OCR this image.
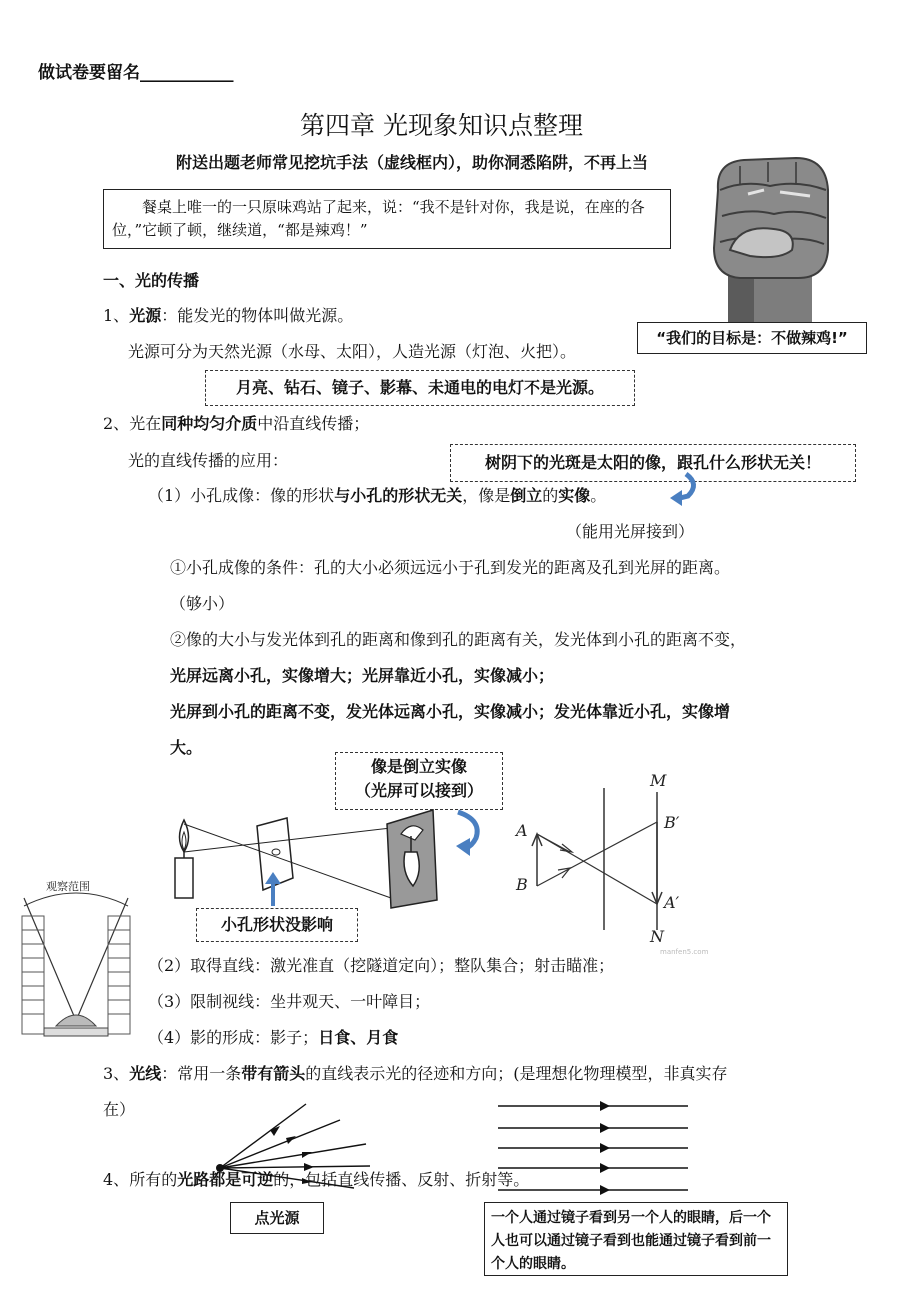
做试卷要留名___________
第四章 光现象知识点整理
附送出题老师常见挖坑手法（虚线框内），助你洞悉陷阱，不再上当
餐桌上唯一的一只原味鸡站了起来，说：“我不是针对你，我是说，在座的各位，”它顿了顿，继续道，“都是辣鸡！”
“我们的目标是：不做辣鸡!”
一、光的传播
1、光源：能发光的物体叫做光源。
光源可分为天然光源（水母、太阳），人造光源（灯泡、火把）。
月亮、钻石、镜子、影幕、未通电的电灯不是光源。
2、光在同种均匀介质中沿直线传播；
光的直线传播的应用：	树阴下的光斑是太阳的像，跟孔什么形状无关！
（1）小孔成像：像的形状与小孔的形状无关，像是倒立的实像。
（能用光屏接到）
①小孔成像的条件：孔的大小必须远远小于孔到发光的距离及孔到光屏的距离。
（够小）
②像的大小与发光体到孔的距离和像到孔的距离有关，发光体到小孔的距离不变，
光屏远离小孔，实像增大；光屏靠近小孔，实像减小；
光屏到小孔的距离不变，发光体远离小孔，实像减小；发光体靠近小孔，实像增
大。
像是倒立实像
（光屏可以接到）
小孔形状没影响
M
N
A
B
B′
A′
manfen5.com
观察范围
（2）取得直线：激光准直（挖隧道定向）；整队集合；射击瞄准；
（3）限制视线：坐井观天、一叶障目；
（4）影的形成：影子；日食、月食
3、光线：常用一条带有箭头的直线表示光的径迹和方向；(是理想化物理模型，非真实存
在）
4、所有的光路都是可逆的，包括直线传播、反射、折射等。
点光源	一个人通过镜子看到另一个人的眼睛，后一个人也可以通过镜子看到也能通过镜子看到前一个人的眼睛。
